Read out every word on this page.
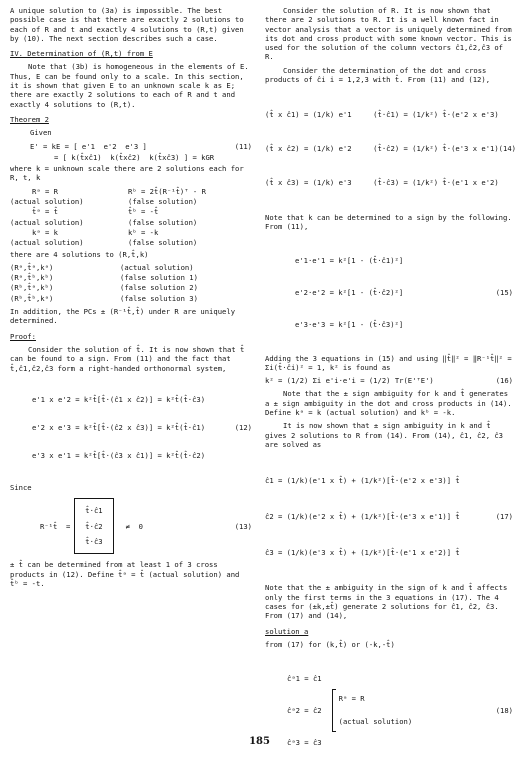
A unique solution to (3a) is impossible. The best possible case is that there are exactly 2 solutions to each of R and t and exactly 4 solutions to (R,t) given by (10). The next section describes such a case.

IV. Determination of (R,t) from E

Note that (3b) is homogeneous in the elements of E. Thus, E can be found only to a scale. In this section, it is shown that given E to an unknown scale k as E; there are exactly 2 solutions to each of R and t and exactly 4 solutions to (R,t).

Theorem 2

Given

E' = kE = [ e'1  e'2  e'3 ]	(11)
= [ k(t̂xĉ1)  k(t̂xĉ2)  k(t̂xĉ3) ] = kGR

where k = unknown scale there are 2 solutions each for R, t, k

Rᵃ = R	Rᵇ = 2t̂(R⁻¹t̂)ᵀ - R
(actual solution)	(false solution)
t̂ᵃ = t̂	t̂ᵇ = -t̂
(actual solution)	(false solution)
kᵃ = k	kᵇ = -k
(actual solution)	(false solution)

there are 4 solutions to (R,t̂,k)

(Rᵃ,t̂ᵃ,kᵃ)	(actual solution)
(Rᵃ,t̂ᵇ,kᵇ)	(false solution 1)
(Rᵇ,t̂ᵃ,kᵇ)	(false solution 2)
(Rᵇ,t̂ᵇ,kᵃ)	(false solution 3)

In addition, the PCs ± (R⁻¹t̂,t̂) under R are uniquely determined.

Proof:

Consider the solution of t̂. It is now shown that t̂ can be found to a sign. From (11) and the fact that t̂,ĉ1,ĉ2,ĉ3 form a right-handed orthonormal system,

e'1 x e'2 = k²t̂[t̂·(ĉ1 x ĉ2)] = k²t̂(t̂·ĉ3)

e'2 x e'3 = k²t̂[t̂·(ĉ2 x ĉ3)] = k²t̂(t̂·ĉ1)

e'3 x e'1 = k²t̂[t̂·(ĉ3 x ĉ1)] = k²t̂(t̂·ĉ2)

(12)

Since

R⁻¹t̂  =
t̂·ĉ1
t̂·ĉ2
t̂·ĉ3
≠  0	(13)

± t̂ can be determined from at least 1 of 3 cross products in (12). Define t̂ᵃ = t̂ (actual solution) and t̂ᵇ = -t.

Consider the solution of R. It is now shown that there are 2 solutions to R. It is a well known fact in vector analysis that a vector is uniquely determined from its dot and cross product with some known vector. This is used for the solution of the column vectors ĉ1,ĉ2,ĉ3 of R.

Consider the determination of the dot and cross products of ĉi i = 1,2,3 with t̂. From (11) and (12),

(t̂ x ĉ1) = (1/k) e'1     (t̂·ĉ1) = (1/k²) t̂·(e'2 x e'3)

(t̂ x ĉ2) = (1/k) e'2     (t̂·ĉ2) = (1/k²) t̂·(e'3 x e'1)

(t̂ x ĉ3) = (1/k) e'3     (t̂·ĉ3) = (1/k²) t̂·(e'1 x e'2)

(14)

Note that k can be determined to a sign by the following. From (11),

e'1·e'1 = k²[1 - (t̂·ĉ1)²]

e'2·e'2 = k²[1 - (t̂·ĉ2)²]

e'3·e'3 = k²[1 - (t̂·ĉ3)²]

(15)

Adding the 3 equations in (15) and using ‖t̂‖² = ‖R⁻¹t̂‖² = Σi(t̂·ĉi)² = 1, k² is found as

k² = (1/2) Σi e'i·e'i = (1/2) Tr(E'ᵀE')	(16)

Note that the ± sign ambiguity for k and t̂ generates a ± sign ambiguity in the dot and cross products in (14). Define kᵃ = k (actual solution) and kᵇ = -k.

It is now shown that ± sign ambiguity in k and t̂ gives 2 solutions to R from (14). From (14), ĉ1, ĉ2, ĉ3 are solved as

ĉ1 = (1/k)(e'1 x t̂) + (1/k²)[t̂·(e'2 x e'3)] t̂

ĉ2 = (1/k)(e'2 x t̂) + (1/k²)[t̂·(e'3 x e'1)] t̂

ĉ3 = (1/k)(e'3 x t̂) + (1/k²)[t̂·(e'1 x e'2)] t̂

(17)

Note that the ± ambiguity in the sign of k and t̂ affects only the first terms in the 3 equations in (17). The 4 cases for (±k,±t̂) generate 2 solutions for ĉ1, ĉ2, ĉ3. From (17) and (14),

solution a

from (17) for (k,t̂) or (-k,-t̂)

ĉᵃ1 = ĉ1

ĉᵃ2 = ĉ2

ĉᵃ3 = ĉ3

Rᵃ = R
(actual solution)
(18)
185
